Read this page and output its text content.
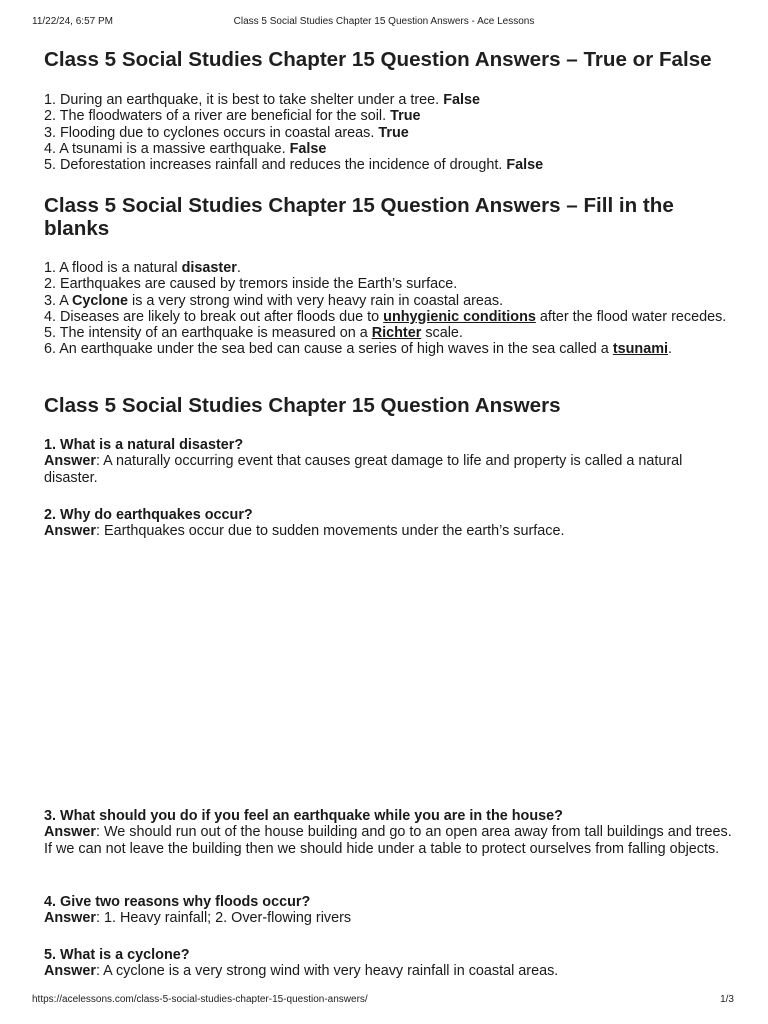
11/22/24, 6:57 PM	Class 5 Social Studies Chapter 15 Question Answers - Ace Lessons
Class 5 Social Studies Chapter 15 Question Answers – True or False
1. During an earthquake, it is best to take shelter under a tree. False
2. The floodwaters of a river are beneficial for the soil. True
3. Flooding due to cyclones occurs in coastal areas. True
4. A tsunami is a massive earthquake. False
5. Deforestation increases rainfall and reduces the incidence of drought. False
Class 5 Social Studies Chapter 15 Question Answers – Fill in the blanks
1. A flood is a natural disaster.
2. Earthquakes are caused by tremors inside the Earth’s surface.
3. A Cyclone is a very strong wind with very heavy rain in coastal areas.
4. Diseases are likely to break out after floods due to unhygienic conditions after the flood water recedes.
5. The intensity of an earthquake is measured on a Richter scale.
6. An earthquake under the sea bed can cause a series of high waves in the sea called a tsunami.
Class 5 Social Studies Chapter 15 Question Answers
1. What is a natural disaster?
Answer: A naturally occurring event that causes great damage to life and property is called a natural disaster.
2. Why do earthquakes occur?
Answer: Earthquakes occur due to sudden movements under the earth’s surface.
3. What should you do if you feel an earthquake while you are in the house?
Answer: We should run out of the house building and go to an open area away from tall buildings and trees. If we can not leave the building then we should hide under a table to protect ourselves from falling objects.
4. Give two reasons why floods occur?
Answer: 1. Heavy rainfall; 2. Over-flowing rivers
5. What is a cyclone?
Answer: A cyclone is a very strong wind with very heavy rainfall in coastal areas.
https://acelessons.com/class-5-social-studies-chapter-15-question-answers/	1/3
